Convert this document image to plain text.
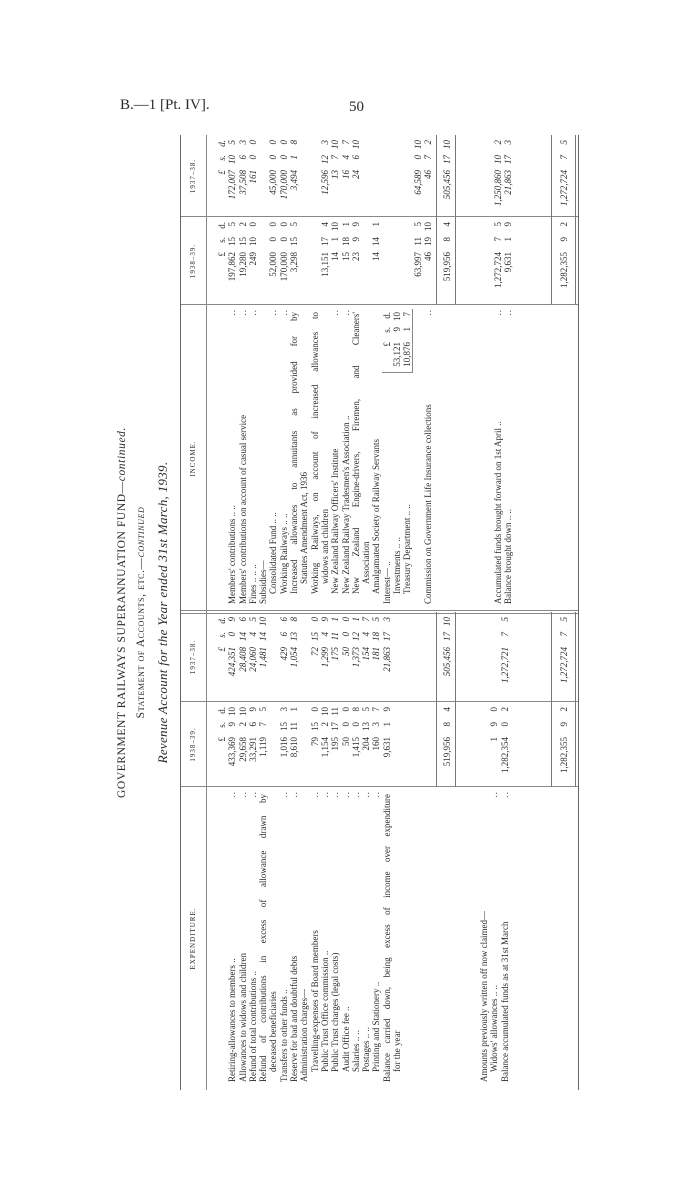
B.—1 [Pt. IV].	50
GOVERNMENT RAILWAYS SUPERANNUATION FUND—continued.
Statement of Accounts, etc.—continued Revenue Account for the Year ended 31st March, 1939.
EXPENDITURE.
1938–39.
1937–38.
INCOME.
1938–39.
1937–38.
£
s.
d.
£
s.
d.
Retiring-allowances to members ..
..
433,369
9
10
424,351
0
9
Allowances to widows and children
..
29,658
2
10
28,408
14
6
Refund of total contributions ..
..
33,291
6
9
24,060
4
5
Refund of contributions in excess of allowance drawn by
1,119
7
5
1,481
14
10
deceased beneficiaries Transfers to other funds ..
..
1,016
15
3
429
6
6
Reserve for bad and doubtful debts
..
8,610
11
1
1,054
13
8
Administration charges— Travelling-expenses of Board members
..
79
15
0
72
15
0
Public Trust Office commission ..
..
1,154
2
10
1,299
4
9
Public Trust charges (legal costs)
..
195
17
11
175
11
1
Audit Office fee ..
..
50
0
0
50
0
0
Salaries .. ..
..
1,415
0
8
1,373
12
1
Postages .. ..
..
204
13
5
154
4
7
Printing and Stationery ..
..
160
3
7
181
18
5
Balance carried down, being excess of income over expenditure
9,631
1
9
21,863
17
3
for the year
519,956
8
4
505,456
17
10
Amounts previously written off now claimed— Widows' allowances .. ..
..
1
9
0
Balance accumulated funds as at 31st March
..
1,282,354
0
2
1,272,721
7
5
1,282,355
9
2
1,272,724
7
5
£
s.
d.
£
s.
d.
Members' contributions .. ..
..
197,862
15
5
172,007
10
5
Members' contributions on account of casual service
..
19,280
15
2
37,508
6
3
Fines .. .. ..
..
249
10
0
161
0
0
Subsidies— Consolidated Fund .. ..
..
52,000
0
0
45,000
0
0
Working Railways .. ..
..
170,000
0
0
170,000
0
0
Increased allowances to annuitants as provided for by
3,298
15
5
3,494
1
8
Statutes Amendment Act, 1936 Working Railways, on account of increased allowances to widows and children
13,151
17
4
12,596
12
3
New Zealand Railway Officers' Institute
..
14
1
10
13
7
10
New Zealand Railway Tradesmen's Association ..
..
15
18
1
16
4
7
New Zealand Engine-drivers, Firemen, and Cleaners'
23
9
9
24
6
10
Association Amalgamated Society of Railway Servants
14
14
1
Interest— ..
£
s.
d.
Investments .. ..
53,121
9
10
Treasury Department .. ..
10,876
1
7
63,997
11
5
64,589
0
10
Commission on Government Life Insurance collections
..
46
19
10
46
7
2
519,956
8
4
505,456
17
10
Accumulated funds brought forward on 1st April ..
..
1,272,724
7
5
1,250,860
10
2
Balance brought down .. ..
..
9,631
1
9
21,863
17
3
1,282,355
9
2
1,272,724
7
5
